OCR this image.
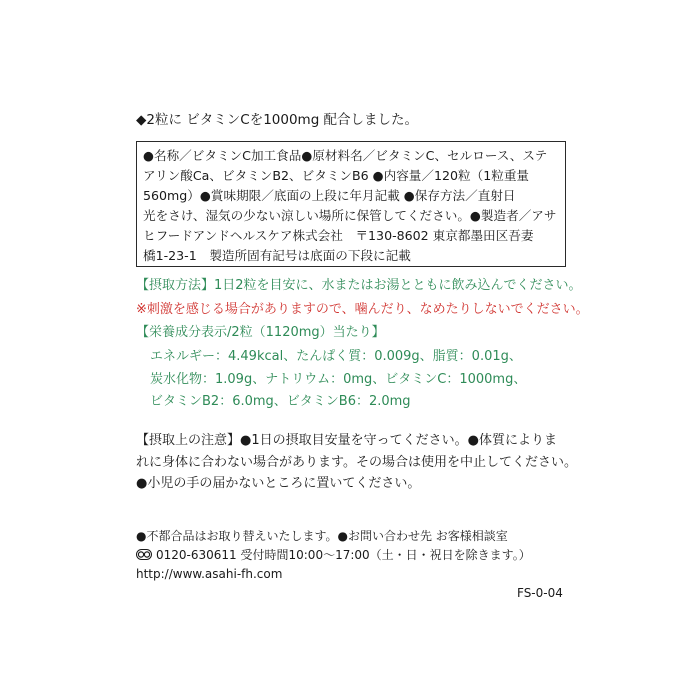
◆2粒に ビタミンCを1000mg 配合しました。
●名称／ビタミンC加工食品●原材料名／ビタミンC、セルロース、ステ
アリン酸Ca、ビタミンB2、ビタミンB6 ●内容量／120粒（1粒重量
560mg）●賞味期限／底面の上段に年月記載 ●保存方法／直射日
光をさけ、湿気の少ない涼しい場所に保管してください。●製造者／アサ
ヒフードアンドヘルスケア株式会社　〒130-8602 東京都墨田区吾妻
橋1-23-1　製造所固有記号は底面の下段に記載
【摂取方法】1日2粒を目安に、水またはお湯とともに飲み込んでください。
※刺激を感じる場合がありますので、噛んだり、なめたりしないでください。
【栄養成分表示/2粒（1120mg）当たり】
エネルギー：4.49kcal、たんぱく質：0.009g、脂質：0.01g、
炭水化物：1.09g、ナトリウム：0mg、ビタミンC：1000mg、
ビタミンB2：6.0mg、ビタミンB6：2.0mg
【摂取上の注意】●1日の摂取目安量を守ってください。●体質によりま
れに身体に合わない場合があります。その場合は使用を中止してください。
●小児の手の届かないところに置いてください。
●不都合品はお取り替えいたします。●お問い合わせ先 お客様相談室
0120-630611 受付時間10:00〜17:00（土・日・祝日を除きます。）
http://www.asahi-fh.com
FS-0-04
